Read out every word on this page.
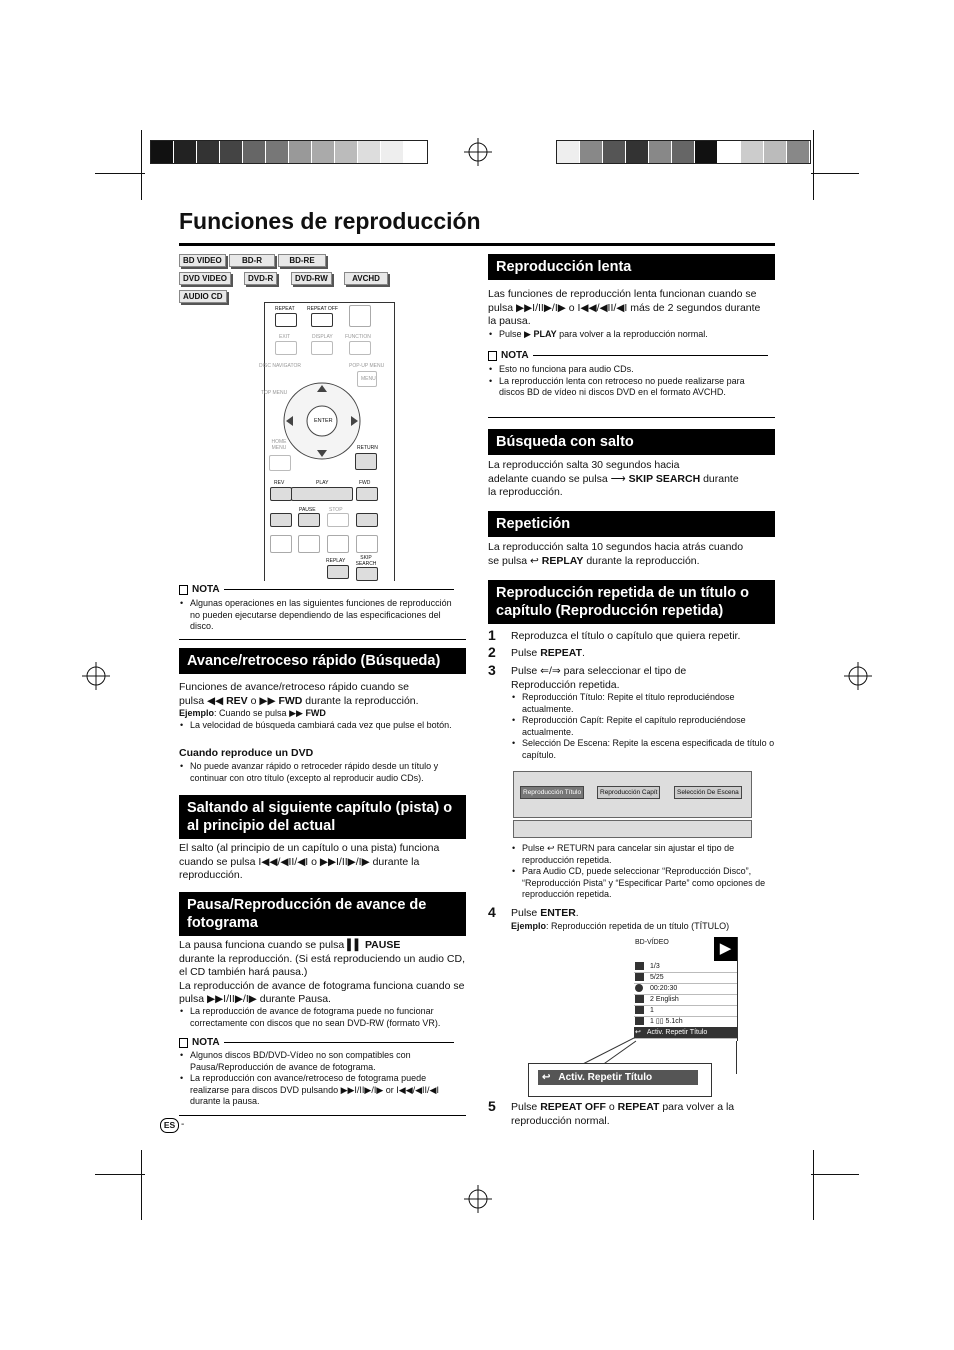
Funciones de reproducción
BD VIDEO	BD-R	BD-RE
DVD VIDEO	DVD-R	DVD-RW	AVCHD
AUDIO CD
REPEAT REPEAT OFF
EXIT	DISPLAY FUNCTION
DISC NAVIGATOR	POP-UP MENU
MENU
TOP MENU
ENTER
HOME MENU	RETURN
REV	PLAY	FWD
PAUSE	STOP
REPLAY	SKIP SEARCH
NOTA
• Algunas operaciones en las siguientes funciones de reproducción no pueden ejecutarse dependiendo de las especificaciones del disco.
Avance/retroceso rápido (Búsqueda)
Funciones de avance/retroceso rápido cuando se
pulsa ◀◀ REV o ▶▶ FWD durante la reproducción.
Ejemplo: Cuando se pulsa ▶▶ FWD
• La velocidad de búsqueda cambiará cada vez que pulse el botón.
Cuando reproduce un DVD
• No puede avanzar rápido o retroceder rápido desde un título y continuar con otro título (excepto al reproducir audio CDs).
Saltando al siguiente capítulo (pista) o al principio del actual
El salto (al principio de un capítulo o una pista) funciona cuando se pulsa I◀◀/◀II/◀I o ▶▶I/II▶/I▶ durante la reproducción.
Pausa/Reproducción de avance de fotograma
La pausa funciona cuando se pulsa ▌▌ PAUSE
durante la reproducción. (Si está reproduciendo un audio CD, el CD también hará pausa.)
La reproducción de avance de fotograma funciona cuando se pulsa ▶▶I/II▶/I▶ durante Pausa.
• La reproducción de avance de fotograma puede no funcionar correctamente con discos que no sean DVD-RW (formato VR).
NOTA
• Algunos discos BD/DVD-Vídeo no son compatibles con Pausa/Reproducción de avance de fotograma.
• La reproducción con avance/retroceso de fotograma puede realizarse para discos DVD pulsando ▶▶I/II▶/I▶ or I◀◀/◀II/◀I durante la pausa.
ES -
Reproducción lenta
Las funciones de reproducción lenta funcionan cuando se pulsa ▶▶I/II▶/I▶ o I◀◀/◀II/◀I más de 2 segundos durante la pausa.
• Pulse ▶ PLAY para volver a la reproducción normal.
NOTA
• Esto no funciona para audio CDs.
• La reproducción lenta con retroceso no puede realizarse para discos BD de vídeo ni discos DVD en el formato AVCHD.
Búsqueda con salto
La reproducción salta 30 segundos hacia
adelante cuando se pulsa ⟶ SKIP SEARCH durante
la reproducción.
Repetición
La reproducción salta 10 segundos hacia atrás cuando
se pulsa ↩ REPLAY durante la reproducción.
Reproducción repetida de un título o capítulo (Reproducción repetida)
1 Reproduzca el título o capítulo que quiera repetir.
2 Pulse REPEAT.
3 Pulse ⇐/⇒ para seleccionar el tipo de Reproducción repetida.
• Reproducción Título: Repite el título reproduciéndose actualmente.
• Reproducción Capít: Repite el capítulo reproduciéndose actualmente.
• Selección De Escena: Repite la escena especificada de título o capítulo.
Reproducción Título	Reproducción Capít	Selección De Escena
• Pulse ↩ RETURN para cancelar sin ajustar el tipo de reproducción repetida.
• Para Audio CD, puede seleccionar “Reproducción Disco”, “Reproducción Pista” y “Especificar Parte” como opciones de reproducción repetida.
4 Pulse ENTER.
Ejemplo: Reproducción repetida de un título (TÍTULO)
BD-VÍDEO	▶
1/3
5/25
00:20:30
2 English
1
1 ▯▯ 5.1ch
↩ Activ. Repetir Título
↩ Activ. Repetir Título
5 Pulse REPEAT OFF o REPEAT para volver a la reproducción normal.
